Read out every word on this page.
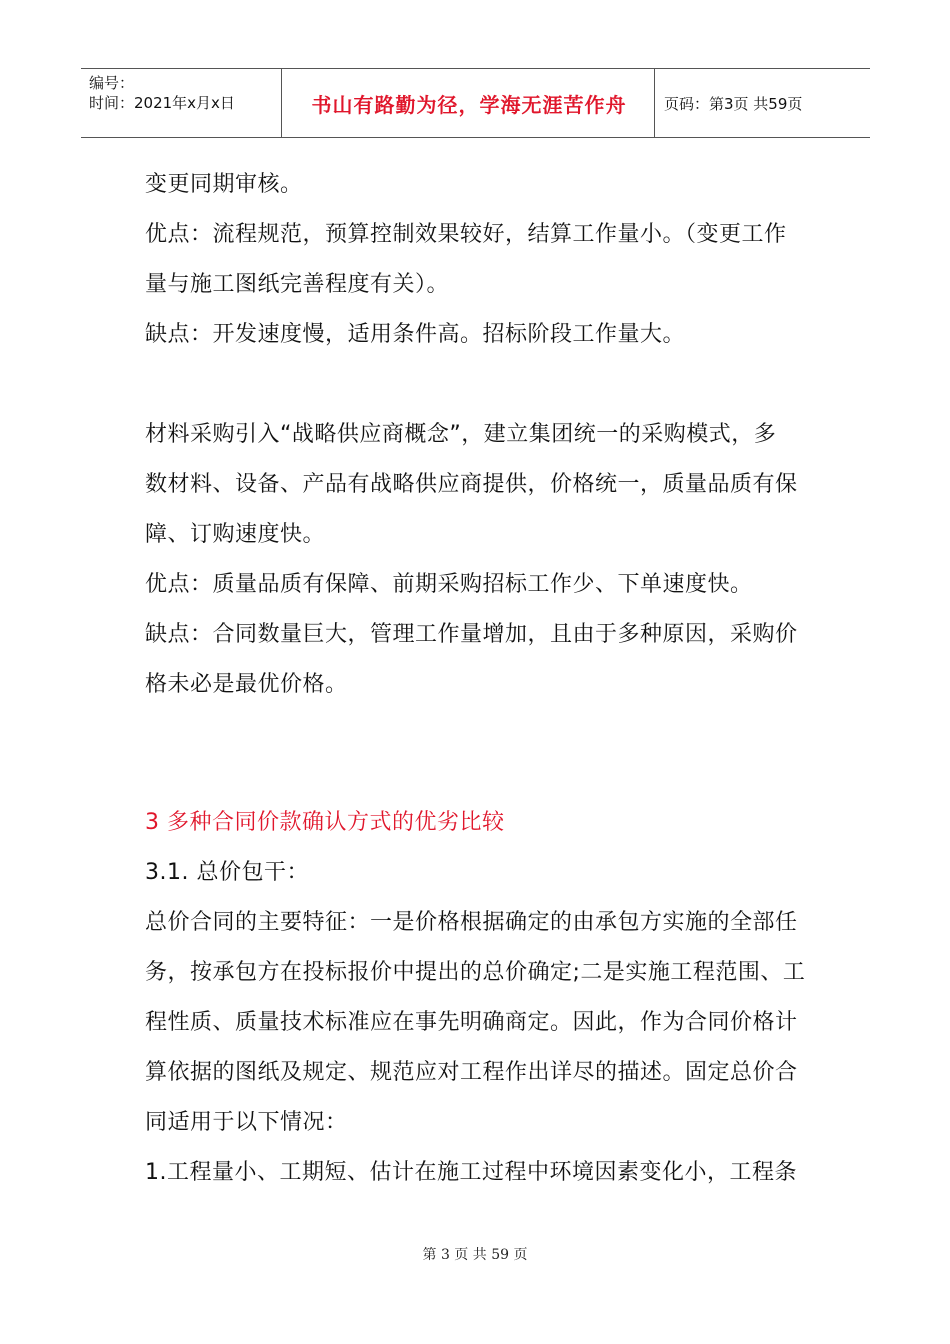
编号：
时间：2021年x月x日	书山有路勤为径，学海无涯苦作舟	页码：第3页 共59页

变更同期审核。

优点：流程规范，预算控制效果较好，结算工作量小。（变更工作

量与施工图纸完善程度有关）。

缺点：开发速度慢，适用条件高。招标阶段工作量大。

材料采购引入“战略供应商概念”，建立集团统一的采购模式，多

数材料、设备、产品有战略供应商提供，价格统一，质量品质有保

障、订购速度快。

优点：质量品质有保障、前期采购招标工作少、下单速度快。

缺点：合同数量巨大，管理工作量增加，且由于多种原因，采购价

格未必是最优价格。

3 多种合同价款确认方式的优劣比较

3.1. 总价包干：

总价合同的主要特征：一是价格根据确定的由承包方实施的全部任

务，按承包方在投标报价中提出的总价确定;二是实施工程范围、工

程性质、质量技术标准应在事先明确商定。因此，作为合同价格计

算依据的图纸及规定、规范应对工程作出详尽的描述。固定总价合

同适用于以下情况：

1.工程量小、工期短、估计在施工过程中环境因素变化小，工程条

第 3 页 共 59 页
